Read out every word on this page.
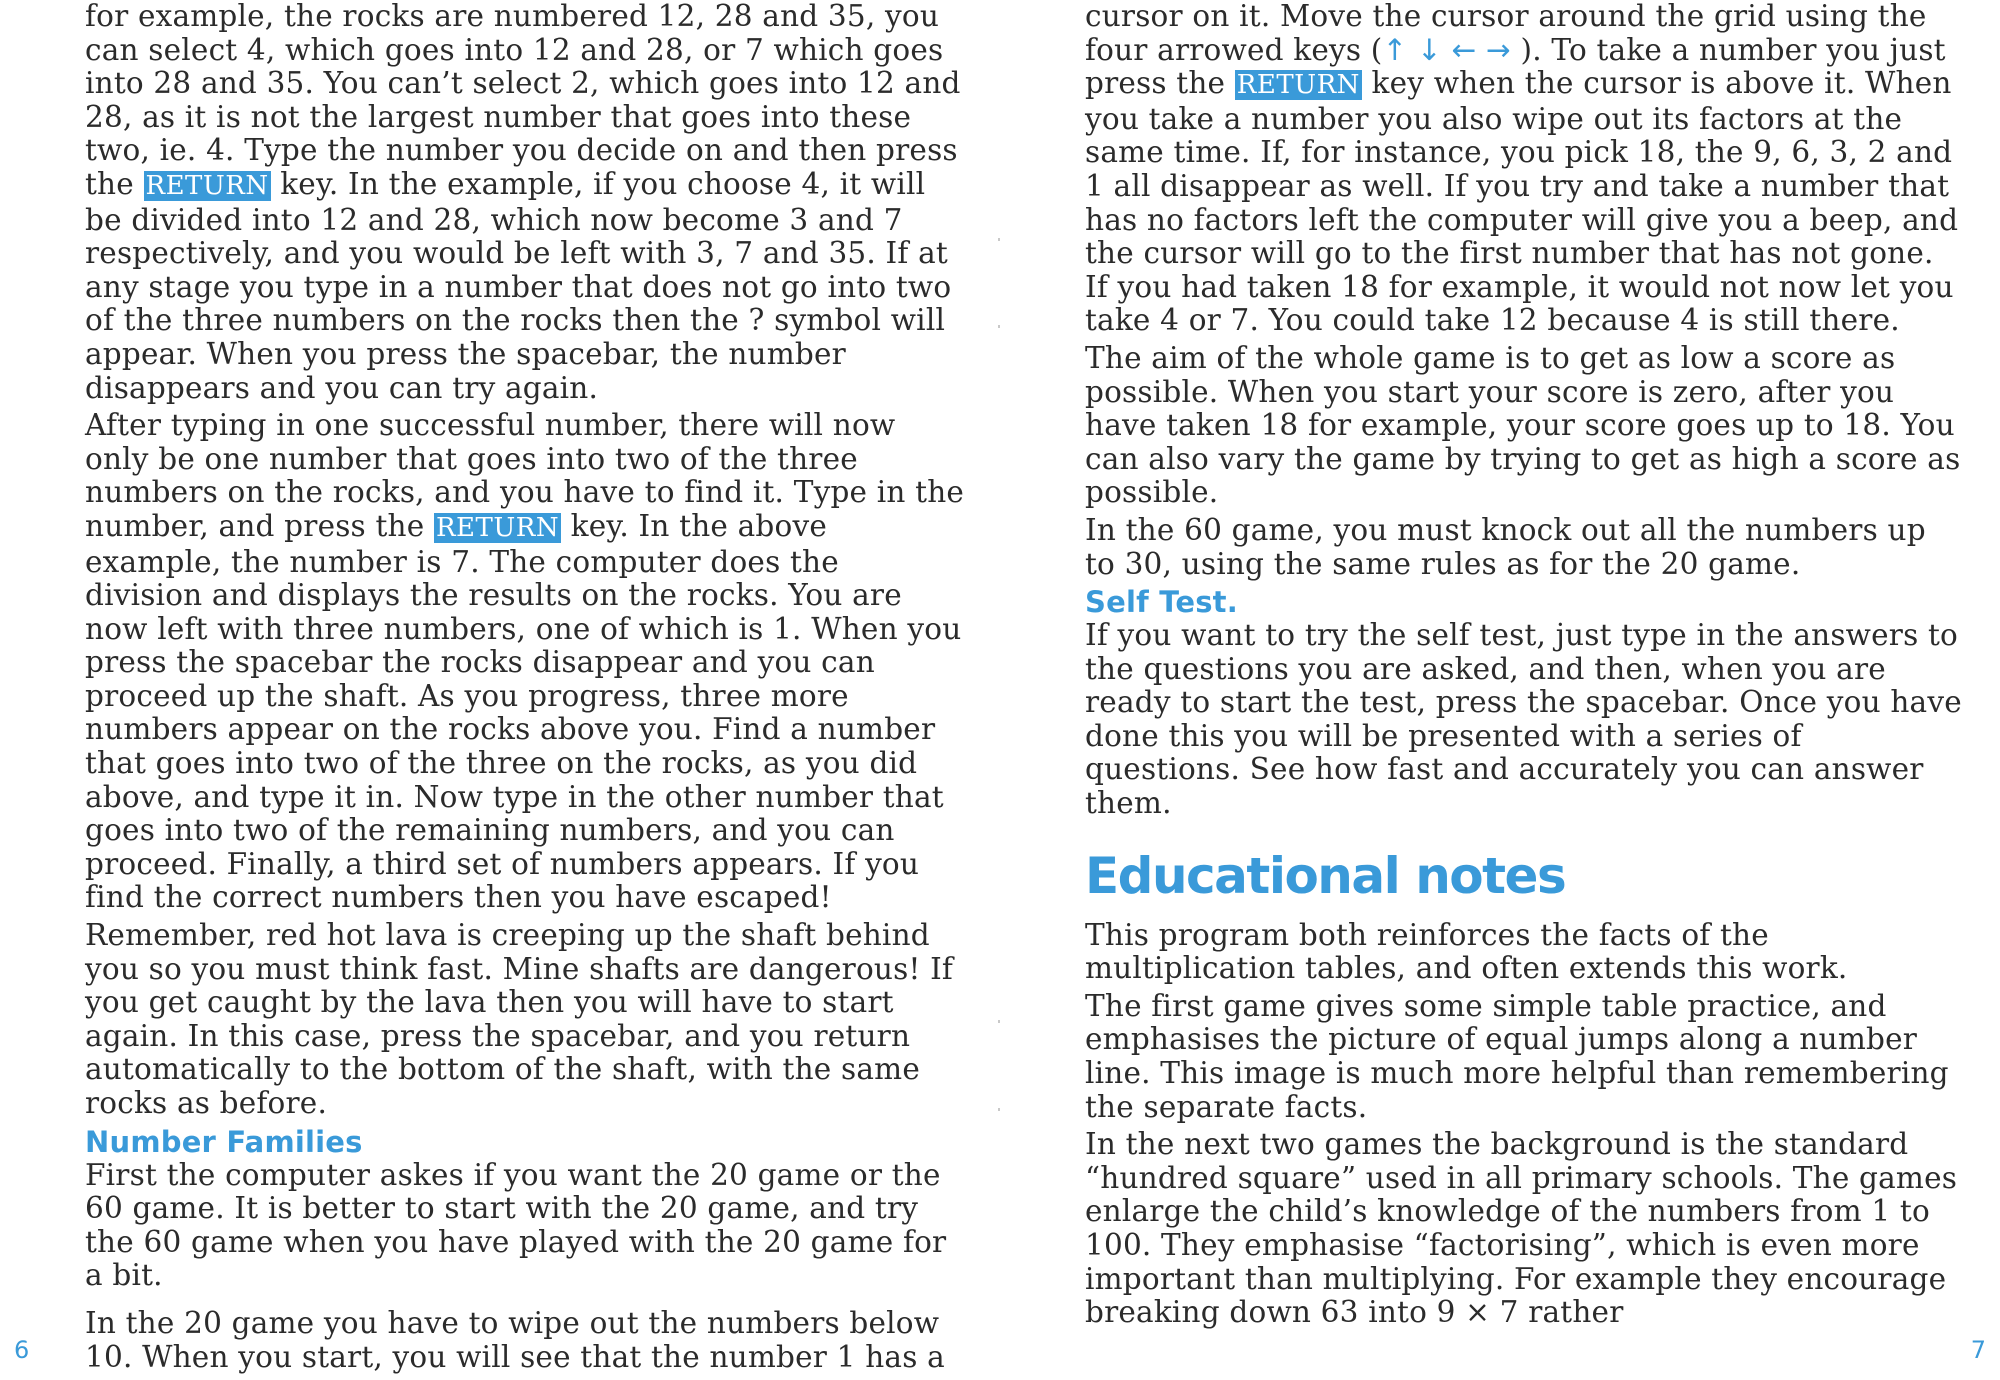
for example, the rocks are numbered 12, 28 and 35, you can select 4, which goes into 12 and 28, or 7 which goes into 28 and 35. You can’t select 2, which goes into 12 and 28, as it is not the largest number that goes into these two, ie. 4. Type the number you decide on and then press the RETURN key. In the example, if you choose 4, it will be divided into 12 and 28, which now become 3 and 7 respectively, and you would be left with 3, 7 and 35. If at any stage you type in a number that does not go into two of the three numbers on the rocks then the ? symbol will appear. When you press the spacebar, the number disappears and you can try again.

After typing in one successful number, there will now only be one number that goes into two of the three numbers on the rocks, and you have to find it. Type in the number, and press the RETURN key. In the above example, the number is 7. The computer does the division and displays the results on the rocks. You are now left with three numbers, one of which is 1. When you press the spacebar the rocks disappear and you can proceed up the shaft. As you progress, three more numbers appear on the rocks above you. Find a number that goes into two of the three on the rocks, as you did above, and type it in. Now type in the other number that goes into two of the remaining numbers, and you can proceed. Finally, a third set of numbers appears. If you find the correct numbers then you have escaped!

Remember, red hot lava is creeping up the shaft behind you so you must think fast. Mine shafts are dangerous! If you get caught by the lava then you will have to start again. In this case, press the spacebar, and you return automatically to the bottom of the shaft, with the same rocks as before.

Number Families

First the computer askes if you want the 20 game or the 60 game. It is better to start with the 20 game, and try the 60 game when you have played with the 20 game for a bit.

In the 20 game you have to wipe out the numbers below 10. When you start, you will see that the number 1 has a

6

cursor on it. Move the cursor around the grid using the four arrowed keys (↑ ↓ ← → ). To take a number you just press the RETURN key when the cursor is above it. When you take a number you also wipe out its factors at the same time. If, for instance, you pick 18, the 9, 6, 3, 2 and 1 all disappear as well. If you try and take a number that has no factors left the computer will give you a beep, and the cursor will go to the first number that has not gone. If you had taken 18 for example, it would not now let you take 4 or 7. You could take 12 because 4 is still there.

The aim of the whole game is to get as low a score as possible. When you start your score is zero, after you have taken 18 for example, your score goes up to 18. You can also vary the game by trying to get as high a score as possible.

In the 60 game, you must knock out all the numbers up to 30, using the same rules as for the 20 game.

Self Test.

If you want to try the self test, just type in the answers to the questions you are asked, and then, when you are ready to start the test, press the spacebar. Once you have done this you will be presented with a series of questions. See how fast and accurately you can answer them.

Educational notes

This program both reinforces the facts of the multiplication tables, and often extends this work.

The first game gives some simple table practice, and emphasises the picture of equal jumps along a number line. This image is much more helpful than remembering the separate facts.

In the next two games the background is the standard “hundred square” used in all primary schools. The games enlarge the child’s knowledge of the numbers from 1 to 100. They emphasise “factorising”, which is even more important than multiplying. For example they encourage breaking down 63 into 9 × 7 rather

7
